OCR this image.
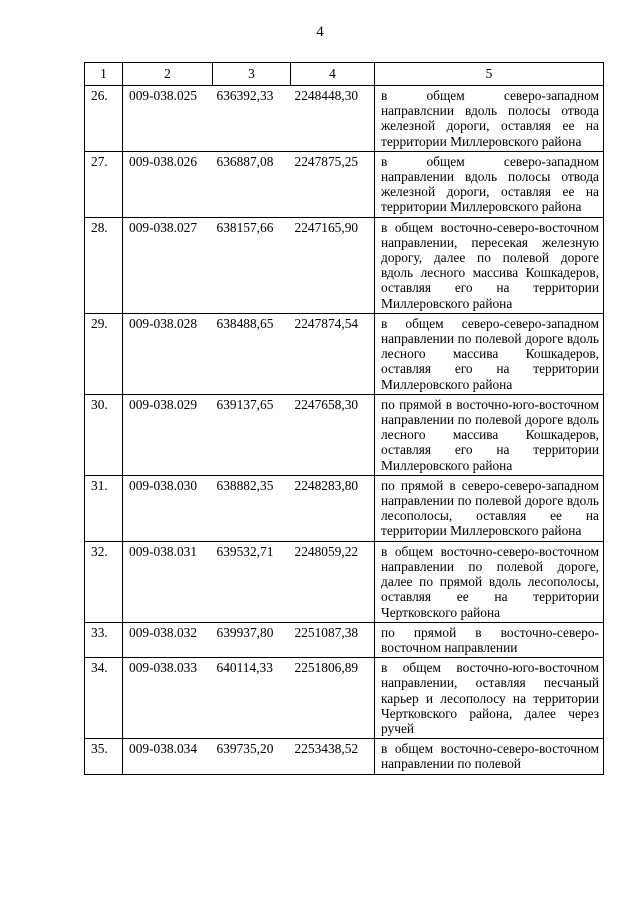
4
1	2	3	4	5
26.	009-038.025	636392,33	2248448,30	в общем северо-западном направлснии вдоль полосы отвода железной дороги, оставляя ее на территории Миллеровского района
27.	009-038.026	636887,08	2247875,25	в общем северо-западном направлении вдоль полосы отвода железной дороги, оставляя ее на территории Миллеровского района
28.	009-038.027	638157,66	2247165,90	в общем восточно-северо-восточном направлении, пересекая железную дорогу, далее по полевой дороге вдоль лесного массива Кошкадеров, оставляя его на территории Миллеровского района
29.	009-038.028	638488,65	2247874,54	в общем северо-северо-западном направлении по полевой дороге вдоль лесного массива Кошкадеров, оставляя его на территории Миллеровского района
30.	009-038.029	639137,65	2247658,30	по прямой в восточно-юго-восточном направлении по полевой дороге вдоль лесного массива Кошкадеров, оставляя его на территории Миллеровского района
31.	009-038.030	638882,35	2248283,80	по прямой в северо-северо-западном направлении по полевой дороге вдоль лесополосы, оставляя ее на территории Миллеровского района
32.	009-038.031	639532,71	2248059,22	в общем восточно-северо-восточном направлении по полевой дороге, далее по прямой вдоль лесополосы, оставляя ее на территории Чертковского района
33.	009-038.032	639937,80	2251087,38	по прямой в восточно-северо-восточном направлении
34.	009-038.033	640114,33	2251806,89	в общем восточно-юго-восточном направлении, оставляя песчаный карьер и лесополосу на территории Чертковского района, далее через ручей
35.	009-038.034	639735,20	2253438,52	в общем восточно-северо-восточном направлении по полевой
